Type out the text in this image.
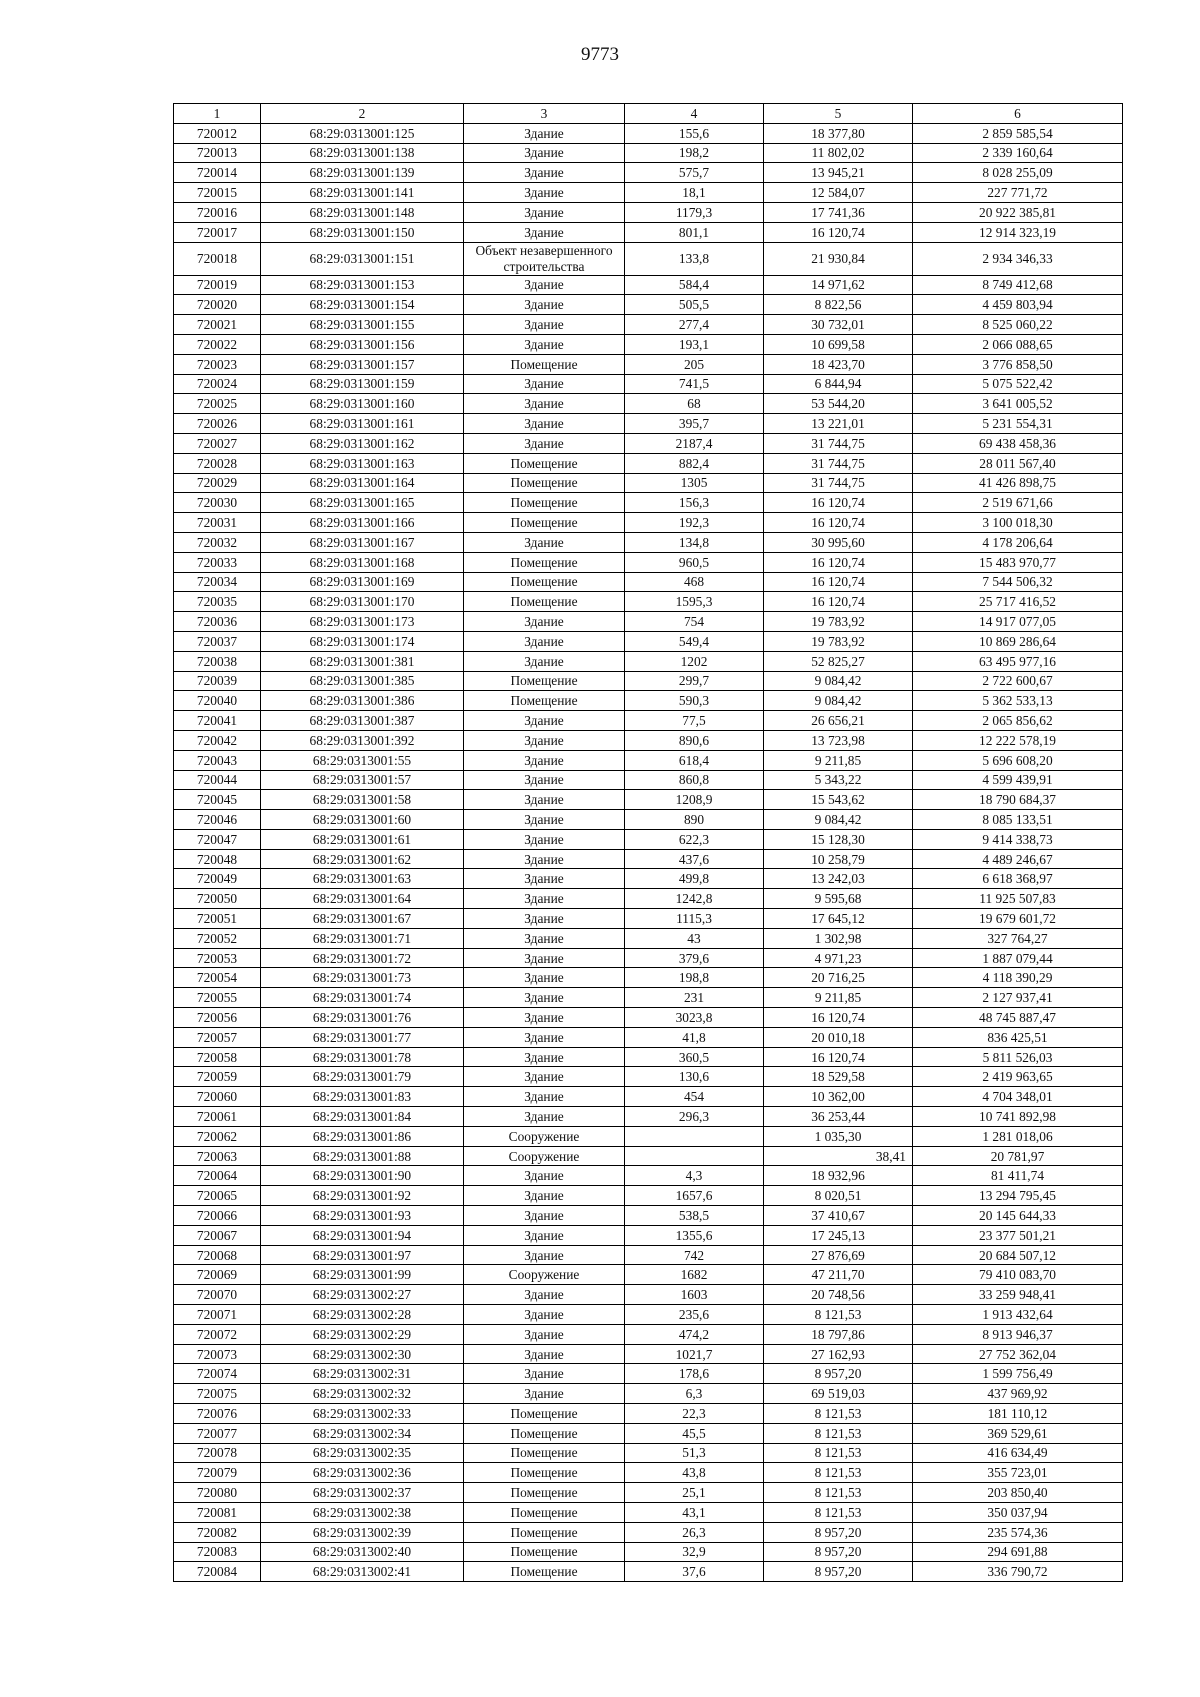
9773
1	2	3	4	5	6
720012	68:29:0313001:125	Здание	155,6	18 377,80	2 859 585,54
720013	68:29:0313001:138	Здание	198,2	11 802,02	2 339 160,64
720014	68:29:0313001:139	Здание	575,7	13 945,21	8 028 255,09
720015	68:29:0313001:141	Здание	18,1	12 584,07	227 771,72
720016	68:29:0313001:148	Здание	1179,3	17 741,36	20 922 385,81
720017	68:29:0313001:150	Здание	801,1	16 120,74	12 914 323,19
720018	68:29:0313001:151	Объект незавершенного строительства	133,8	21 930,84	2 934 346,33
720019	68:29:0313001:153	Здание	584,4	14 971,62	8 749 412,68
720020	68:29:0313001:154	Здание	505,5	8 822,56	4 459 803,94
720021	68:29:0313001:155	Здание	277,4	30 732,01	8 525 060,22
720022	68:29:0313001:156	Здание	193,1	10 699,58	2 066 088,65
720023	68:29:0313001:157	Помещение	205	18 423,70	3 776 858,50
720024	68:29:0313001:159	Здание	741,5	6 844,94	5 075 522,42
720025	68:29:0313001:160	Здание	68	53 544,20	3 641 005,52
720026	68:29:0313001:161	Здание	395,7	13 221,01	5 231 554,31
720027	68:29:0313001:162	Здание	2187,4	31 744,75	69 438 458,36
720028	68:29:0313001:163	Помещение	882,4	31 744,75	28 011 567,40
720029	68:29:0313001:164	Помещение	1305	31 744,75	41 426 898,75
720030	68:29:0313001:165	Помещение	156,3	16 120,74	2 519 671,66
720031	68:29:0313001:166	Помещение	192,3	16 120,74	3 100 018,30
720032	68:29:0313001:167	Здание	134,8	30 995,60	4 178 206,64
720033	68:29:0313001:168	Помещение	960,5	16 120,74	15 483 970,77
720034	68:29:0313001:169	Помещение	468	16 120,74	7 544 506,32
720035	68:29:0313001:170	Помещение	1595,3	16 120,74	25 717 416,52
720036	68:29:0313001:173	Здание	754	19 783,92	14 917 077,05
720037	68:29:0313001:174	Здание	549,4	19 783,92	10 869 286,64
720038	68:29:0313001:381	Здание	1202	52 825,27	63 495 977,16
720039	68:29:0313001:385	Помещение	299,7	9 084,42	2 722 600,67
720040	68:29:0313001:386	Помещение	590,3	9 084,42	5 362 533,13
720041	68:29:0313001:387	Здание	77,5	26 656,21	2 065 856,62
720042	68:29:0313001:392	Здание	890,6	13 723,98	12 222 578,19
720043	68:29:0313001:55	Здание	618,4	9 211,85	5 696 608,20
720044	68:29:0313001:57	Здание	860,8	5 343,22	4 599 439,91
720045	68:29:0313001:58	Здание	1208,9	15 543,62	18 790 684,37
720046	68:29:0313001:60	Здание	890	9 084,42	8 085 133,51
720047	68:29:0313001:61	Здание	622,3	15 128,30	9 414 338,73
720048	68:29:0313001:62	Здание	437,6	10 258,79	4 489 246,67
720049	68:29:0313001:63	Здание	499,8	13 242,03	6 618 368,97
720050	68:29:0313001:64	Здание	1242,8	9 595,68	11 925 507,83
720051	68:29:0313001:67	Здание	1115,3	17 645,12	19 679 601,72
720052	68:29:0313001:71	Здание	43	1 302,98	327 764,27
720053	68:29:0313001:72	Здание	379,6	4 971,23	1 887 079,44
720054	68:29:0313001:73	Здание	198,8	20 716,25	4 118 390,29
720055	68:29:0313001:74	Здание	231	9 211,85	2 127 937,41
720056	68:29:0313001:76	Здание	3023,8	16 120,74	48 745 887,47
720057	68:29:0313001:77	Здание	41,8	20 010,18	836 425,51
720058	68:29:0313001:78	Здание	360,5	16 120,74	5 811 526,03
720059	68:29:0313001:79	Здание	130,6	18 529,58	2 419 963,65
720060	68:29:0313001:83	Здание	454	10 362,00	4 704 348,01
720061	68:29:0313001:84	Здание	296,3	36 253,44	10 741 892,98
720062	68:29:0313001:86	Сооружение		1 035,30	1 281 018,06
720063	68:29:0313001:88	Сооружение		38,41	20 781,97
720064	68:29:0313001:90	Здание	4,3	18 932,96	81 411,74
720065	68:29:0313001:92	Здание	1657,6	8 020,51	13 294 795,45
720066	68:29:0313001:93	Здание	538,5	37 410,67	20 145 644,33
720067	68:29:0313001:94	Здание	1355,6	17 245,13	23 377 501,21
720068	68:29:0313001:97	Здание	742	27 876,69	20 684 507,12
720069	68:29:0313001:99	Сооружение	1682	47 211,70	79 410 083,70
720070	68:29:0313002:27	Здание	1603	20 748,56	33 259 948,41
720071	68:29:0313002:28	Здание	235,6	8 121,53	1 913 432,64
720072	68:29:0313002:29	Здание	474,2	18 797,86	8 913 946,37
720073	68:29:0313002:30	Здание	1021,7	27 162,93	27 752 362,04
720074	68:29:0313002:31	Здание	178,6	8 957,20	1 599 756,49
720075	68:29:0313002:32	Здание	6,3	69 519,03	437 969,92
720076	68:29:0313002:33	Помещение	22,3	8 121,53	181 110,12
720077	68:29:0313002:34	Помещение	45,5	8 121,53	369 529,61
720078	68:29:0313002:35	Помещение	51,3	8 121,53	416 634,49
720079	68:29:0313002:36	Помещение	43,8	8 121,53	355 723,01
720080	68:29:0313002:37	Помещение	25,1	8 121,53	203 850,40
720081	68:29:0313002:38	Помещение	43,1	8 121,53	350 037,94
720082	68:29:0313002:39	Помещение	26,3	8 957,20	235 574,36
720083	68:29:0313002:40	Помещение	32,9	8 957,20	294 691,88
720084	68:29:0313002:41	Помещение	37,6	8 957,20	336 790,72
